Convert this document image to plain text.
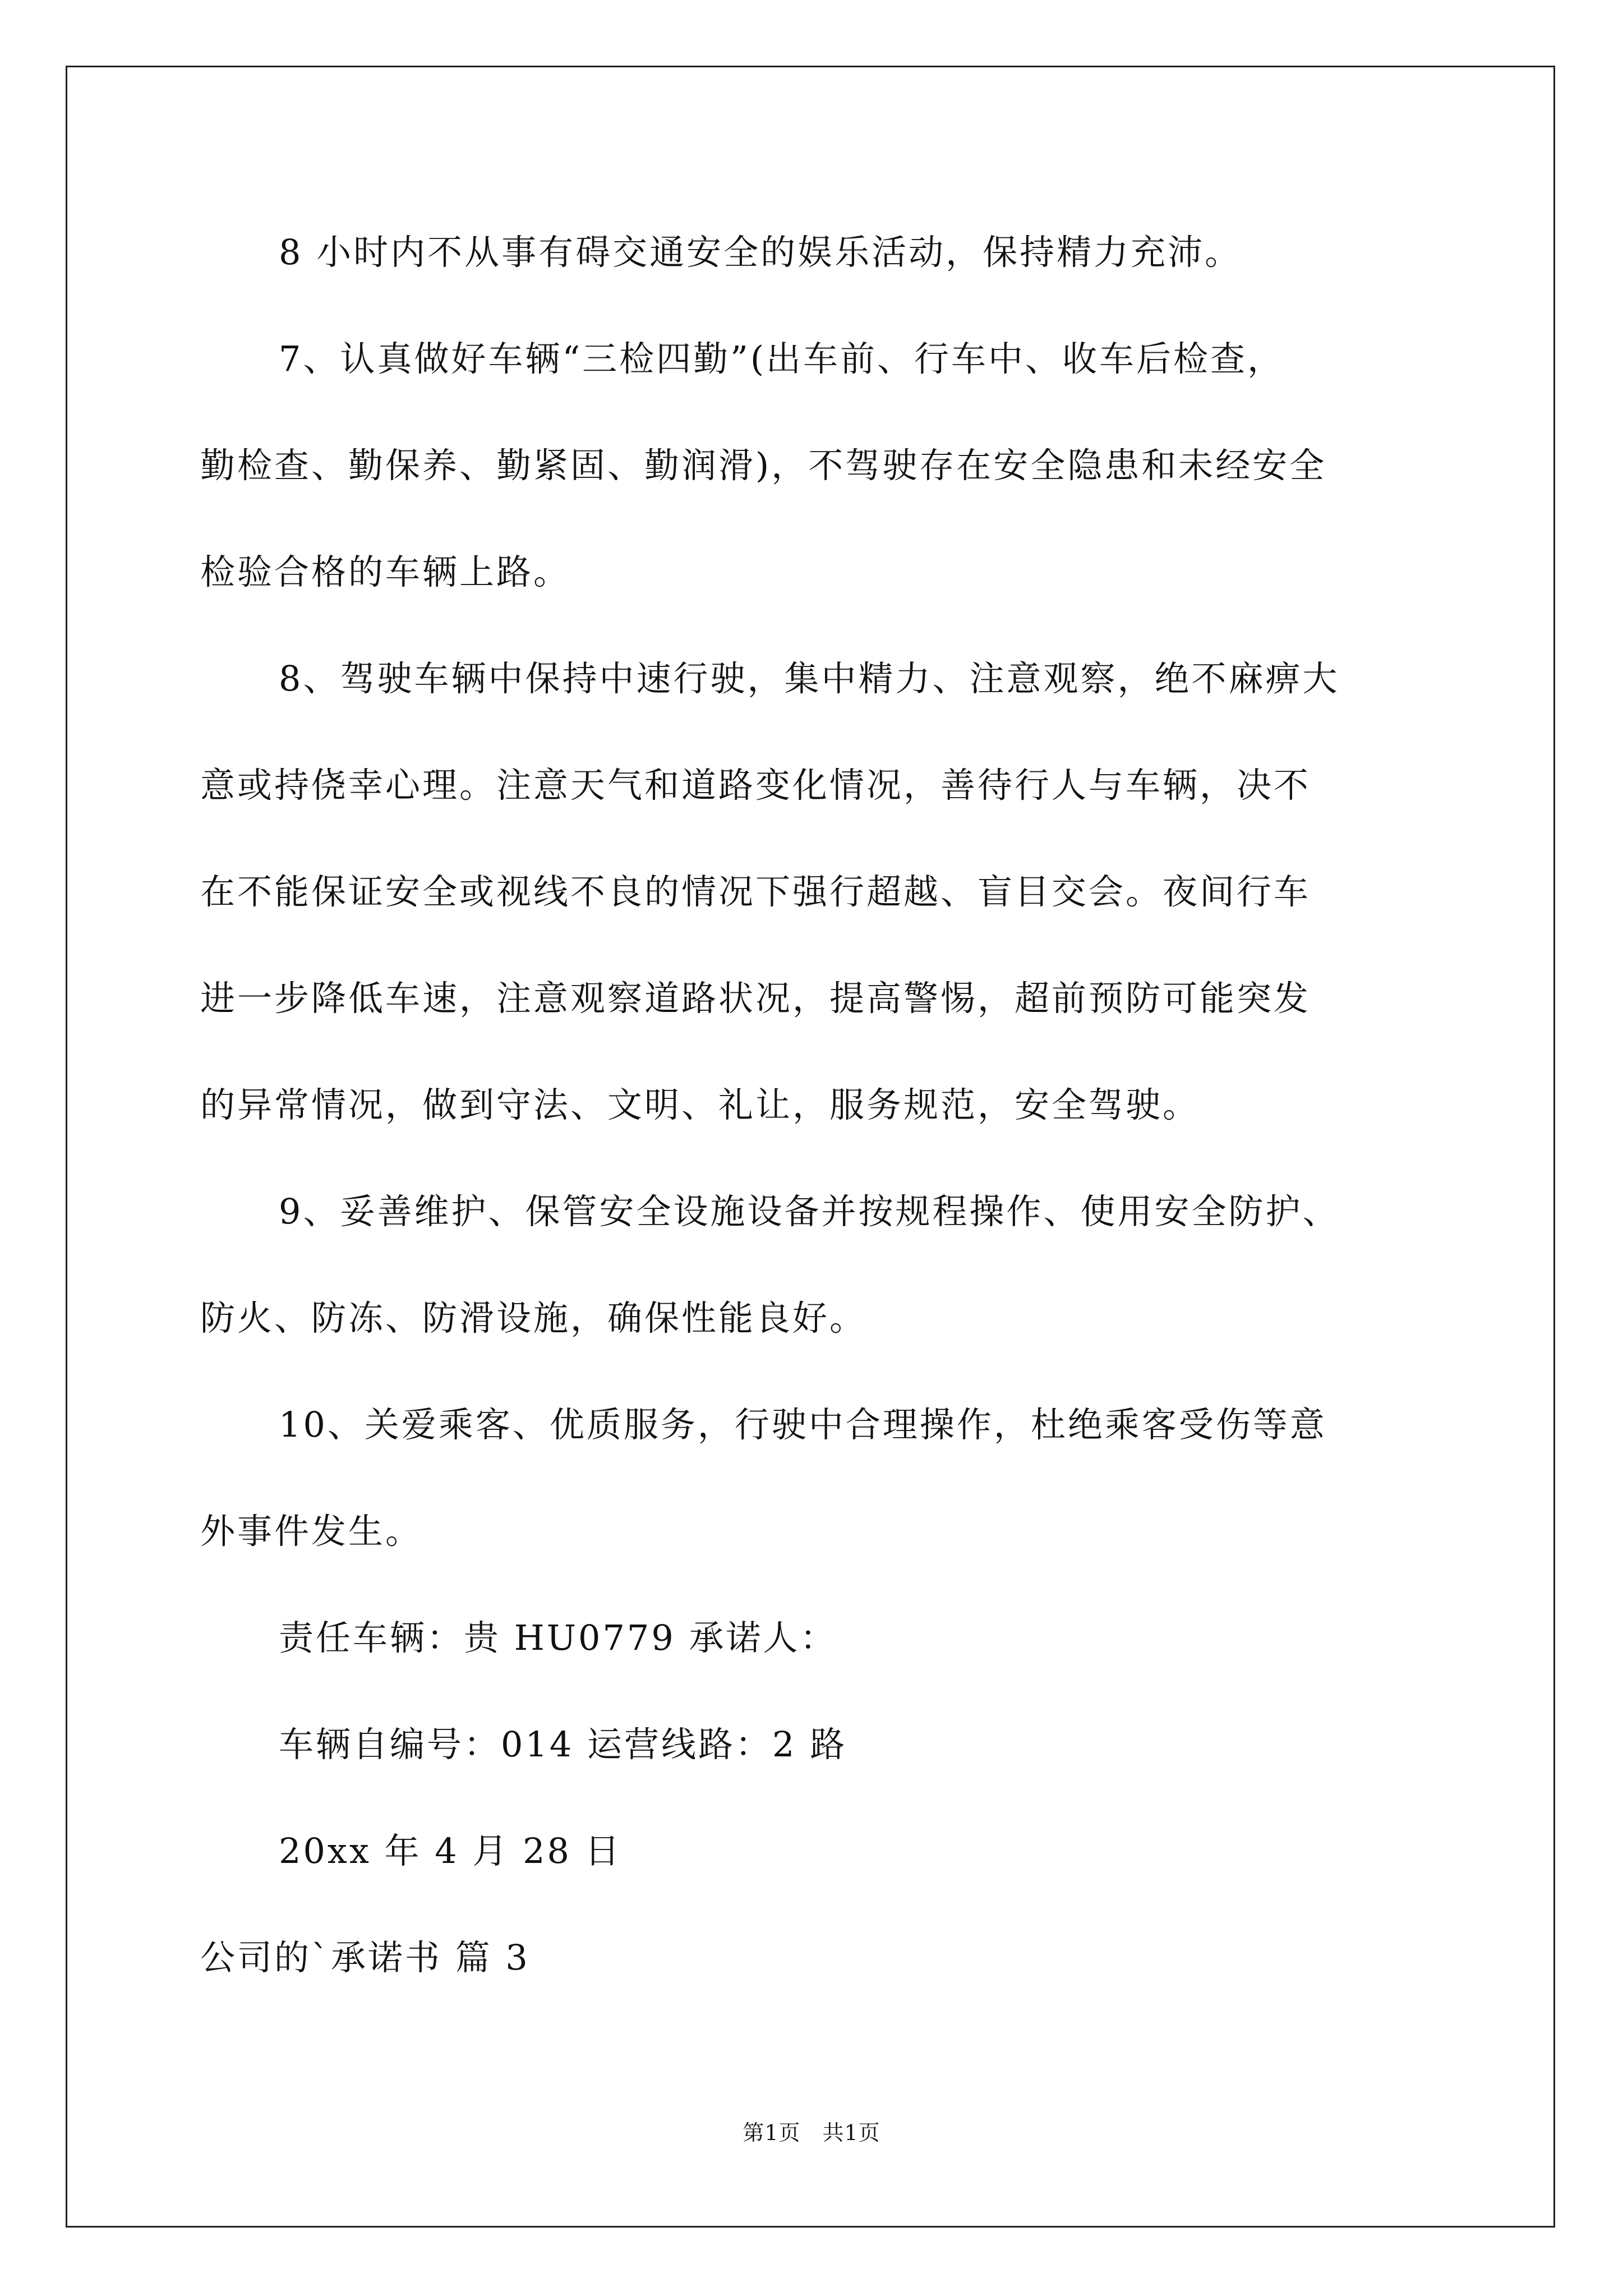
8 小时内不从事有碍交通安全的娱乐活动，保持精力充沛。
7、认真做好车辆“三检四勤”(出车前、行车中、收车后检查，
勤检查、勤保养、勤紧固、勤润滑)，不驾驶存在安全隐患和未经安全
检验合格的车辆上路。
8、驾驶车辆中保持中速行驶，集中精力、注意观察，绝不麻痹大
意或持侥幸心理。注意天气和道路变化情况，善待行人与车辆，决不
在不能保证安全或视线不良的情况下强行超越、盲目交会。夜间行车
进一步降低车速，注意观察道路状况，提高警惕，超前预防可能突发
的异常情况，做到守法、文明、礼让，服务规范，安全驾驶。
9、妥善维护、保管安全设施设备并按规程操作、使用安全防护、
防火、防冻、防滑设施，确保性能良好。
10、关爱乘客、优质服务，行驶中合理操作，杜绝乘客受伤等意
外事件发生。
责任车辆：贵 HU0779 承诺人：
车辆自编号：014 运营线路：2 路
20xx 年 4 月 28 日
公司的`承诺书 篇 3
第1页　共1页
